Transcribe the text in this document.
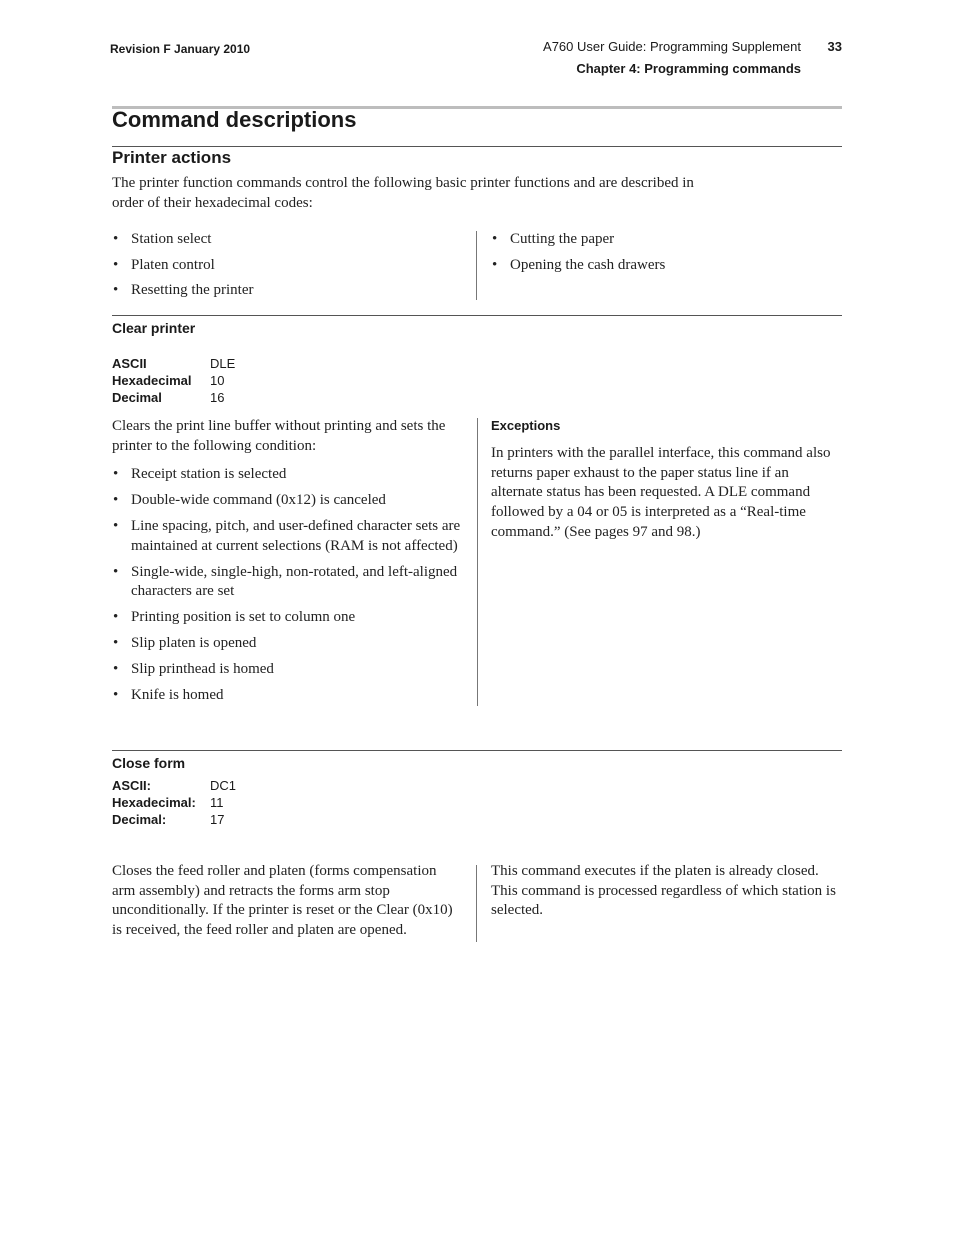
Revision F January 2010	A760 User Guide: Programming Supplement	33
Chapter 4: Programming commands
Command descriptions
Printer actions
The printer function commands control the following basic printer functions and are described in order of their hexadecimal codes:
• Station select
• Platen control
• Resetting the printer
• Cutting the paper
• Opening the cash drawers
Clear printer
ASCII	DLE
Hexadecimal	10
Decimal	16
Clears the print line buffer without printing and sets the printer to the following condition:
• Receipt station is selected
• Double-wide command (0x12) is canceled
• Line spacing, pitch, and user-defined character sets are maintained at current selections (RAM is not affected)
• Single-wide, single-high, non-rotated, and left-aligned characters are set
• Printing position is set to column one
• Slip platen is opened
• Slip printhead is homed
• Knife is homed
Exceptions
In printers with the parallel interface, this command also returns paper exhaust to the paper status line if an alternate status has been requested. A DLE command followed by a 04 or 05 is interpreted as a “Real-time command.” (See pages 97 and 98.)
Close form
ASCII:	DC1
Hexadecimal:	11
Decimal:	17
Closes the feed roller and platen (forms compensation arm assembly) and retracts the forms arm stop unconditionally. If the printer is reset or the Clear (0x10) is received, the feed roller and platen are opened.
This command executes if the platen is already closed. This command is processed regardless of which station is selected.
